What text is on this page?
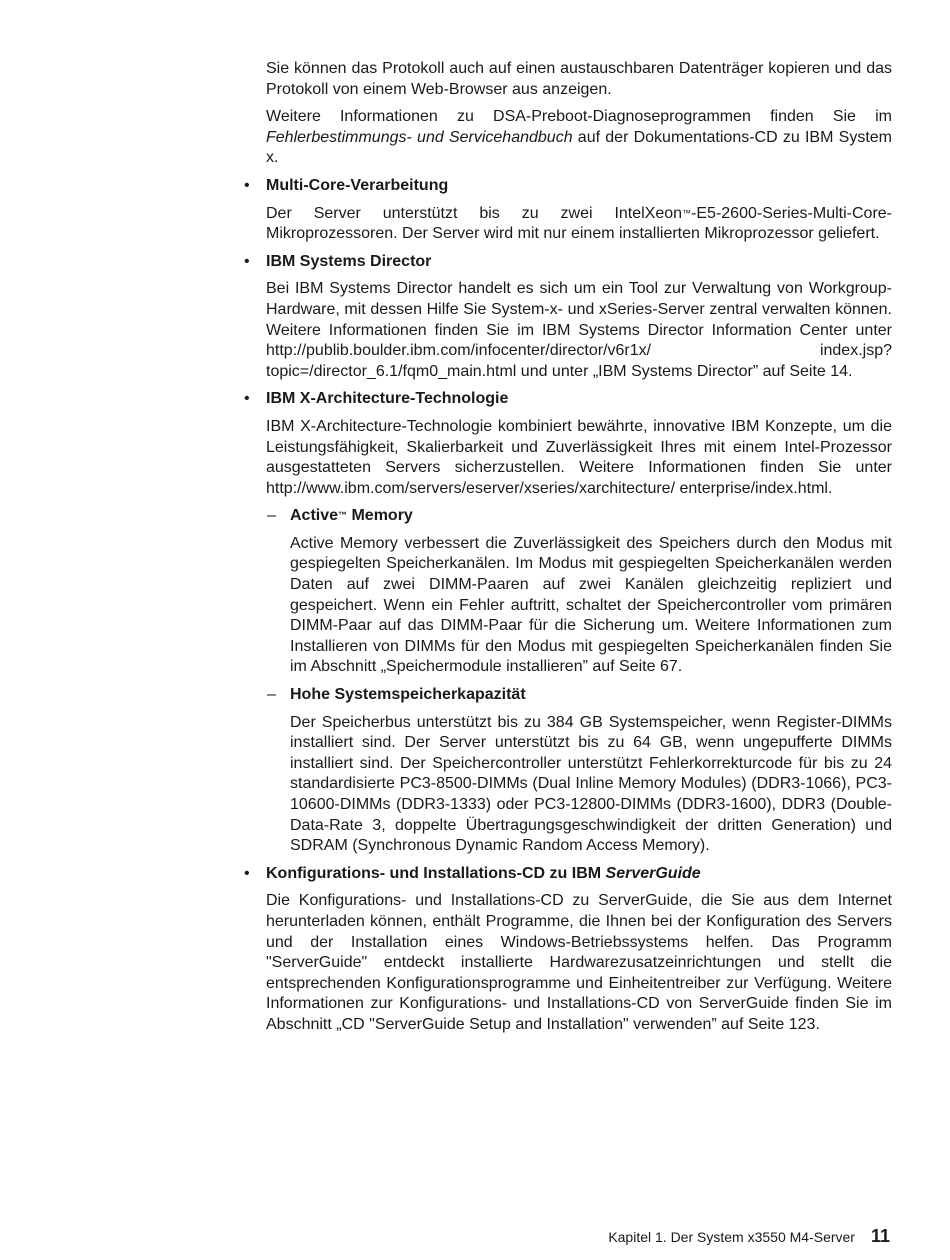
Sie können das Protokoll auch auf einen austauschbaren Datenträger kopieren und das Protokoll von einem Web-Browser aus anzeigen.

Weitere Informationen zu DSA-Preboot-Diagnoseprogrammen finden Sie im Fehlerbestimmungs- und Servicehandbuch auf der Dokumentations-CD zu IBM System x.

• Multi-Core-Verarbeitung

Der Server unterstützt bis zu zwei IntelXeon™-E5-2600-Series-Multi-Core-Mikroprozessoren. Der Server wird mit nur einem installierten Mikroprozessor geliefert.

• IBM Systems Director

Bei IBM Systems Director handelt es sich um ein Tool zur Verwaltung von Workgroup-Hardware, mit dessen Hilfe Sie System-x- und xSeries-Server zentral verwalten können. Weitere Informationen finden Sie im IBM Systems Director Information Center unter http://publib.boulder.ibm.com/infocenter/director/v6r1x/ index.jsp?topic=/director_6.1/fqm0_main.html und unter „IBM Systems Director” auf Seite 14.

• IBM X-Architecture-Technologie

IBM X-Architecture-Technologie kombiniert bewährte, innovative IBM Konzepte, um die Leistungsfähigkeit, Skalierbarkeit und Zuverlässigkeit Ihres mit einem Intel-Prozessor ausgestatteten Servers sicherzustellen. Weitere Informationen finden Sie unter http://www.ibm.com/servers/eserver/xseries/xarchitecture/ enterprise/index.html.

– Active™ Memory

Active Memory verbessert die Zuverlässigkeit des Speichers durch den Modus mit gespiegelten Speicherkanälen. Im Modus mit gespiegelten Speicherkanälen werden Daten auf zwei DIMM-Paaren auf zwei Kanälen gleichzeitig repliziert und gespeichert. Wenn ein Fehler auftritt, schaltet der Speichercontroller vom primären DIMM-Paar auf das DIMM-Paar für die Sicherung um. Weitere Informationen zum Installieren von DIMMs für den Modus mit gespiegelten Speicherkanälen finden Sie im Abschnitt „Speichermodule installieren” auf Seite 67.

– Hohe Systemspeicherkapazität

Der Speicherbus unterstützt bis zu 384 GB Systemspeicher, wenn Register-DIMMs installiert sind. Der Server unterstützt bis zu 64 GB, wenn ungepufferte DIMMs installiert sind. Der Speichercontroller unterstützt Fehlerkorrekturcode für bis zu 24 standardisierte PC3-8500-DIMMs (Dual Inline Memory Modules) (DDR3-1066), PC3-10600-DIMMs (DDR3-1333) oder PC3-12800-DIMMs (DDR3-1600), DDR3 (Double-Data-Rate 3, doppelte Übertragungsgeschwindigkeit der dritten Generation) und SDRAM (Synchronous Dynamic Random Access Memory).

• Konfigurations- und Installations-CD zu IBM ServerGuide

Die Konfigurations- und Installations-CD zu ServerGuide, die Sie aus dem Internet herunterladen können, enthält Programme, die Ihnen bei der Konfiguration des Servers und der Installation eines Windows-Betriebssystems helfen. Das Programm "ServerGuide" entdeckt installierte Hardwarezusatzeinrichtungen und stellt die entsprechenden Konfigurationsprogramme und Einheitentreiber zur Verfügung. Weitere Informationen zur Konfigurations- und Installations-CD von ServerGuide finden Sie im Abschnitt „CD "ServerGuide Setup and Installation" verwenden” auf Seite 123.

Kapitel 1. Der System x3550 M4-Server 11
